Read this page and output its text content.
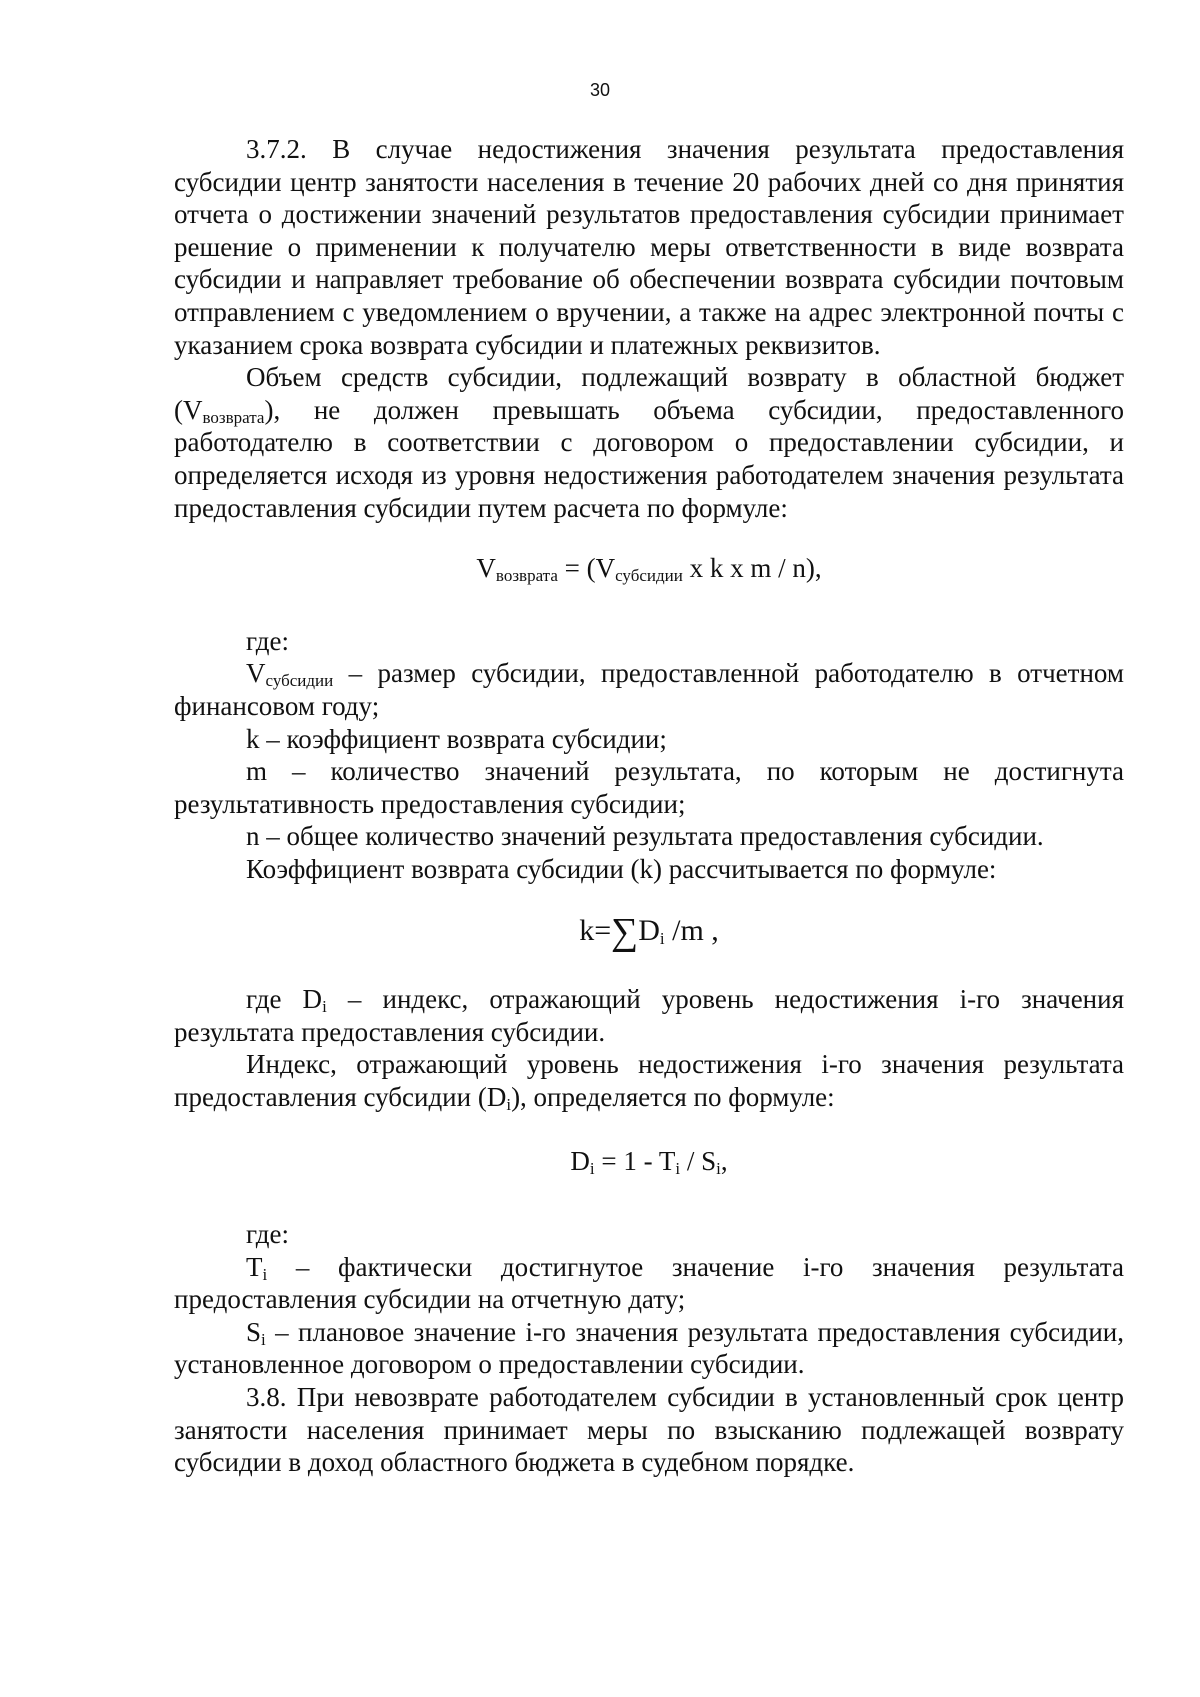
30

3.7.2. В случае недостижения значения результата предоставления субсидии центр занятости населения в течение 20 рабочих дней со дня принятия отчета о достижении значений результатов предоставления субсидии принимает решение о применении к получателю меры ответственности в виде возврата субсидии и направляет требование об обеспечении возврата субсидии почтовым отправлением с уведомлением о вручении, а также на адрес электронной почты с указанием срока возврата субсидии и платежных реквизитов.

Объем средств субсидии, подлежащий возврату в областной бюджет $(V_{возврата})$, не должен превышать объема субсидии, предоставленного работодателю в соответствии с договором о предоставлении субсидии, и определяется исходя из уровня недостижения работодателем значения результата предоставления субсидии путем расчета по формуле:

$V_{возврата} = (V_{субсидии}$ x k x m / n),

где:

$V_{субсидии}$ – размер субсидии, предоставленной работодателю в отчетном финансовом году;

k – коэффициент возврата субсидии;

m – количество значений результата, по которым не достигнута результативность предоставления субсидии;

n – общее количество значений результата предоставления субсидии.

Коэффициент возврата субсидии (k) рассчитывается по формуле:

$k=\sum D_i$ /m ,

где $D_i$ – индекс, отражающий уровень недостижения i-го значения результата предоставления субсидии.

Индекс, отражающий уровень недостижения i-го значения результата предоставления субсидии $(D_i)$, определяется по формуле:

$D_i = 1 - T_i / S_i$,

где:

$T_i$ – фактически достигнутое значение i-го значения результата предоставления субсидии на отчетную дату;

$S_i$ – плановое значение i-го значения результата предоставления субсидии, установленное договором о предоставлении субсидии.

3.8. При невозврате работодателем субсидии в установленный срок центр занятости населения принимает меры по взысканию подлежащей возврату субсидии в доход областного бюджета в судебном порядке.
